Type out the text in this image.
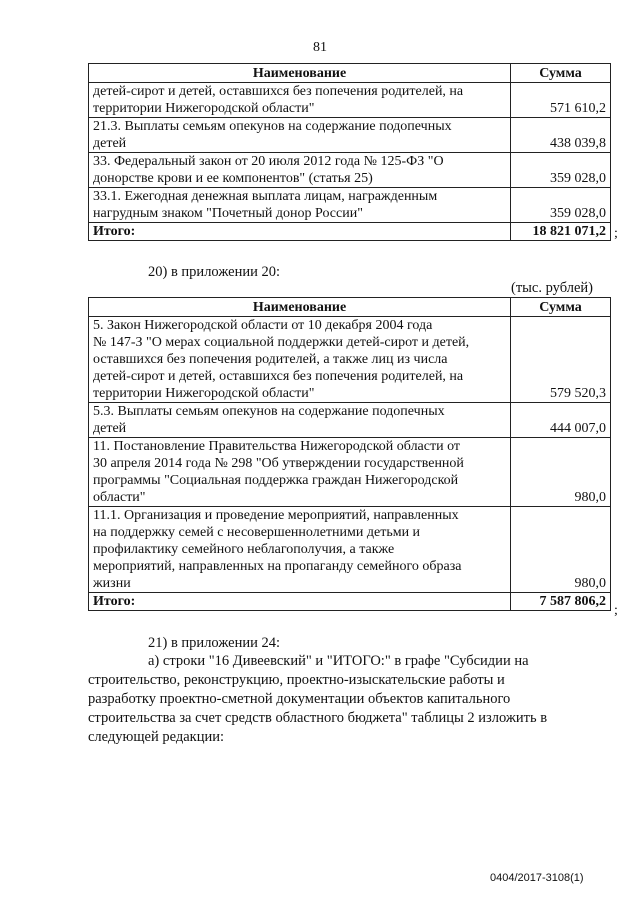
81
Наименование	Сумма

детей-сирот и детей, оставшихся без попечения родителей, на
территории Нижегородской области"	571 610,2

21.3. Выплаты семьям опекунов на содержание подопечных
детей	438 039,8

33. Федеральный закон от 20 июля 2012 года № 125-ФЗ "О
донорстве крови и ее компонентов" (статья 25)	359 028,0

33.1. Ежегодная денежная выплата лицам, награжденным
нагрудным знаком "Почетный донор России"	359 028,0
Итого:	18 821 071,2 ;
20) в приложении 20:
(тыс. рублей)
Наименование	Сумма

5. Закон Нижегородской области от 10 декабря 2004 года
№ 147-З "О мерах социальной поддержки детей-сирот и детей,
оставшихся без попечения родителей, а также лиц из числа
детей-сирот и детей, оставшихся без попечения родителей, на
территории Нижегородской области"	579 520,3

5.3. Выплаты семьям опекунов на содержание подопечных
детей	444 007,0

11. Постановление Правительства Нижегородской области от
30 апреля 2014 года № 298 "Об утверждении государственной
программы "Социальная поддержка граждан Нижегородской
области"	980,0

11.1. Организация и проведение мероприятий, направленных
на поддержку семей с несовершеннолетними детьми и
профилактику семейного неблагополучия, а также
мероприятий, направленных на пропаганду семейного образа
жизни	980,0
Итого:	7 587 806,2
;
21) в приложении 24:
а) строки "16 Дивеевский" и "ИТОГО:" в графе "Субсидии на
строительство, реконструкцию, проектно-изыскательские работы и
разработку проектно-сметной документации объектов капитального
строительства за счет средств областного бюджета" таблицы 2 изложить в
следующей редакции:
0404/2017-3108(1)
